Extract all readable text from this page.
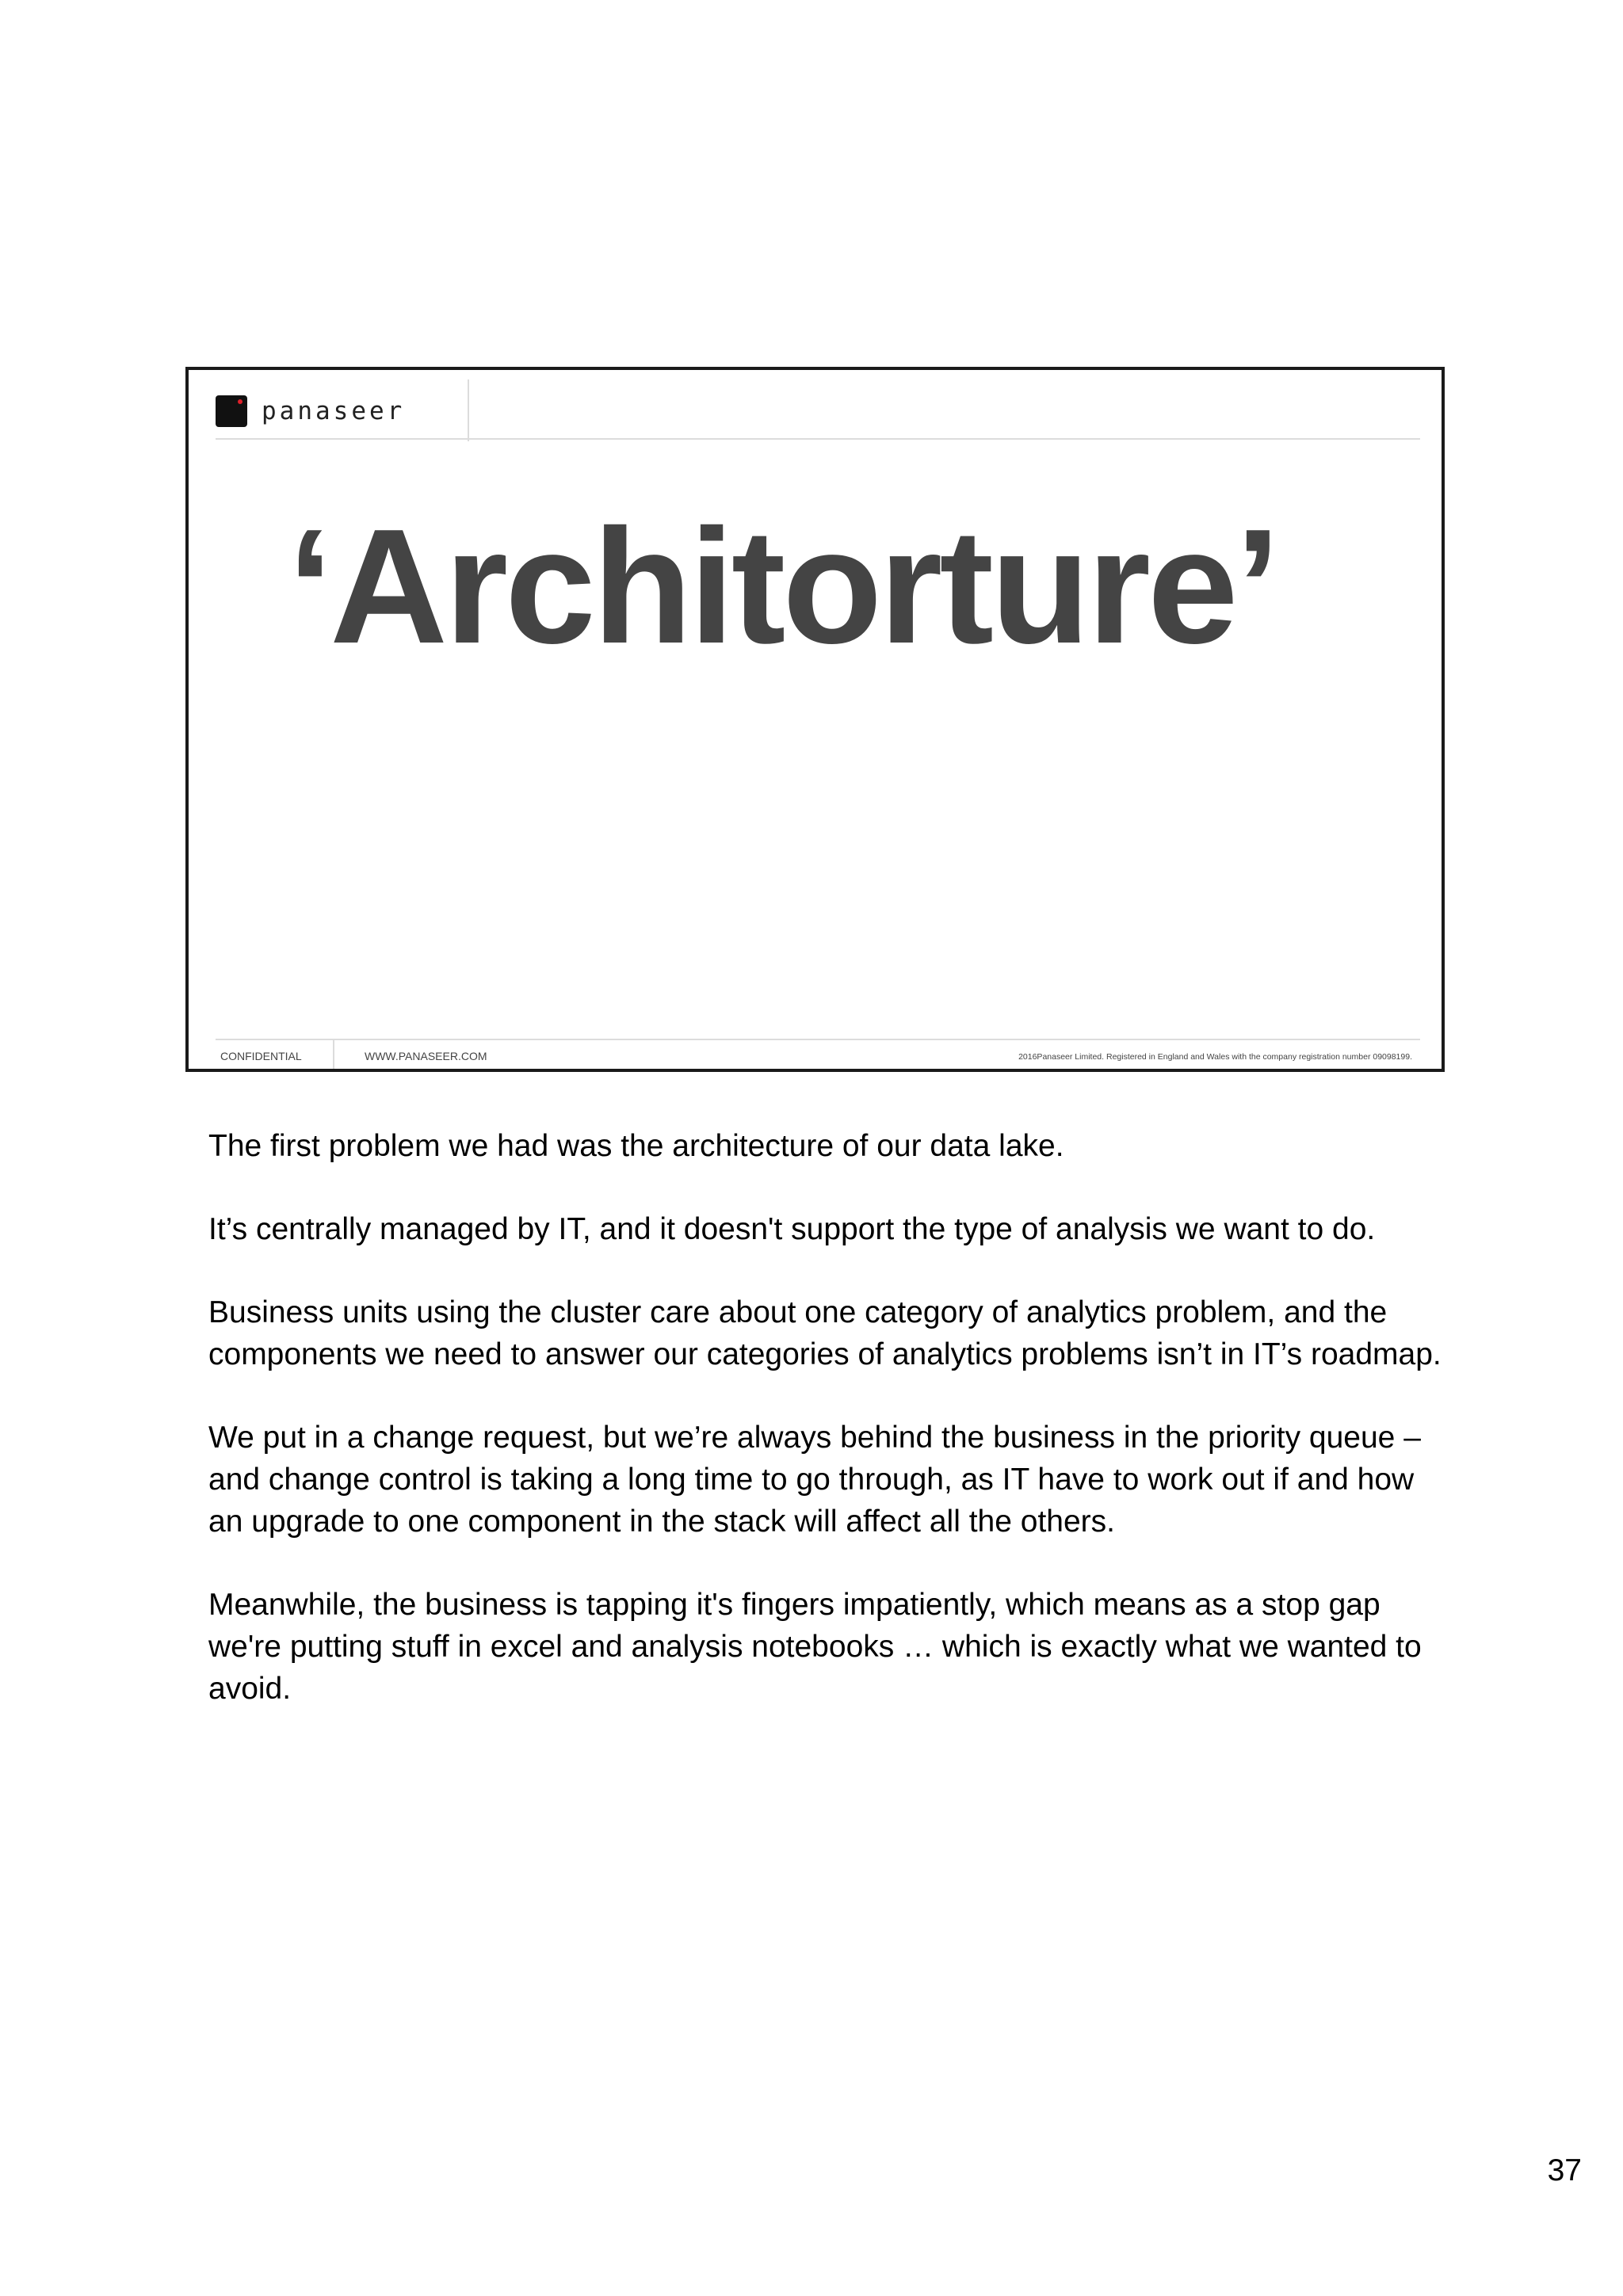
panaseer
‘Architorture’
CONFIDENTIAL	WWW.PANASEER.COM	2016Panaseer Limited. Registered in England and Wales with the company registration number 09098199.

The first problem we had was the architecture of our data lake.

It’s centrally managed by IT, and it doesn't support the type of analysis we want to do.

Business units using the cluster care about one category of analytics problem, and the components we need to answer our categories of analytics problems isn’t in IT’s roadmap.

We put in a change request, but we’re always behind the business in the priority queue – and change control is taking a long time to go through, as IT have to work out if and how an upgrade to one component in the stack will affect all the others.

Meanwhile, the business is tapping it's fingers impatiently, which means as a stop gap we're putting stuff in excel and analysis notebooks … which is exactly what we wanted to avoid.

37
